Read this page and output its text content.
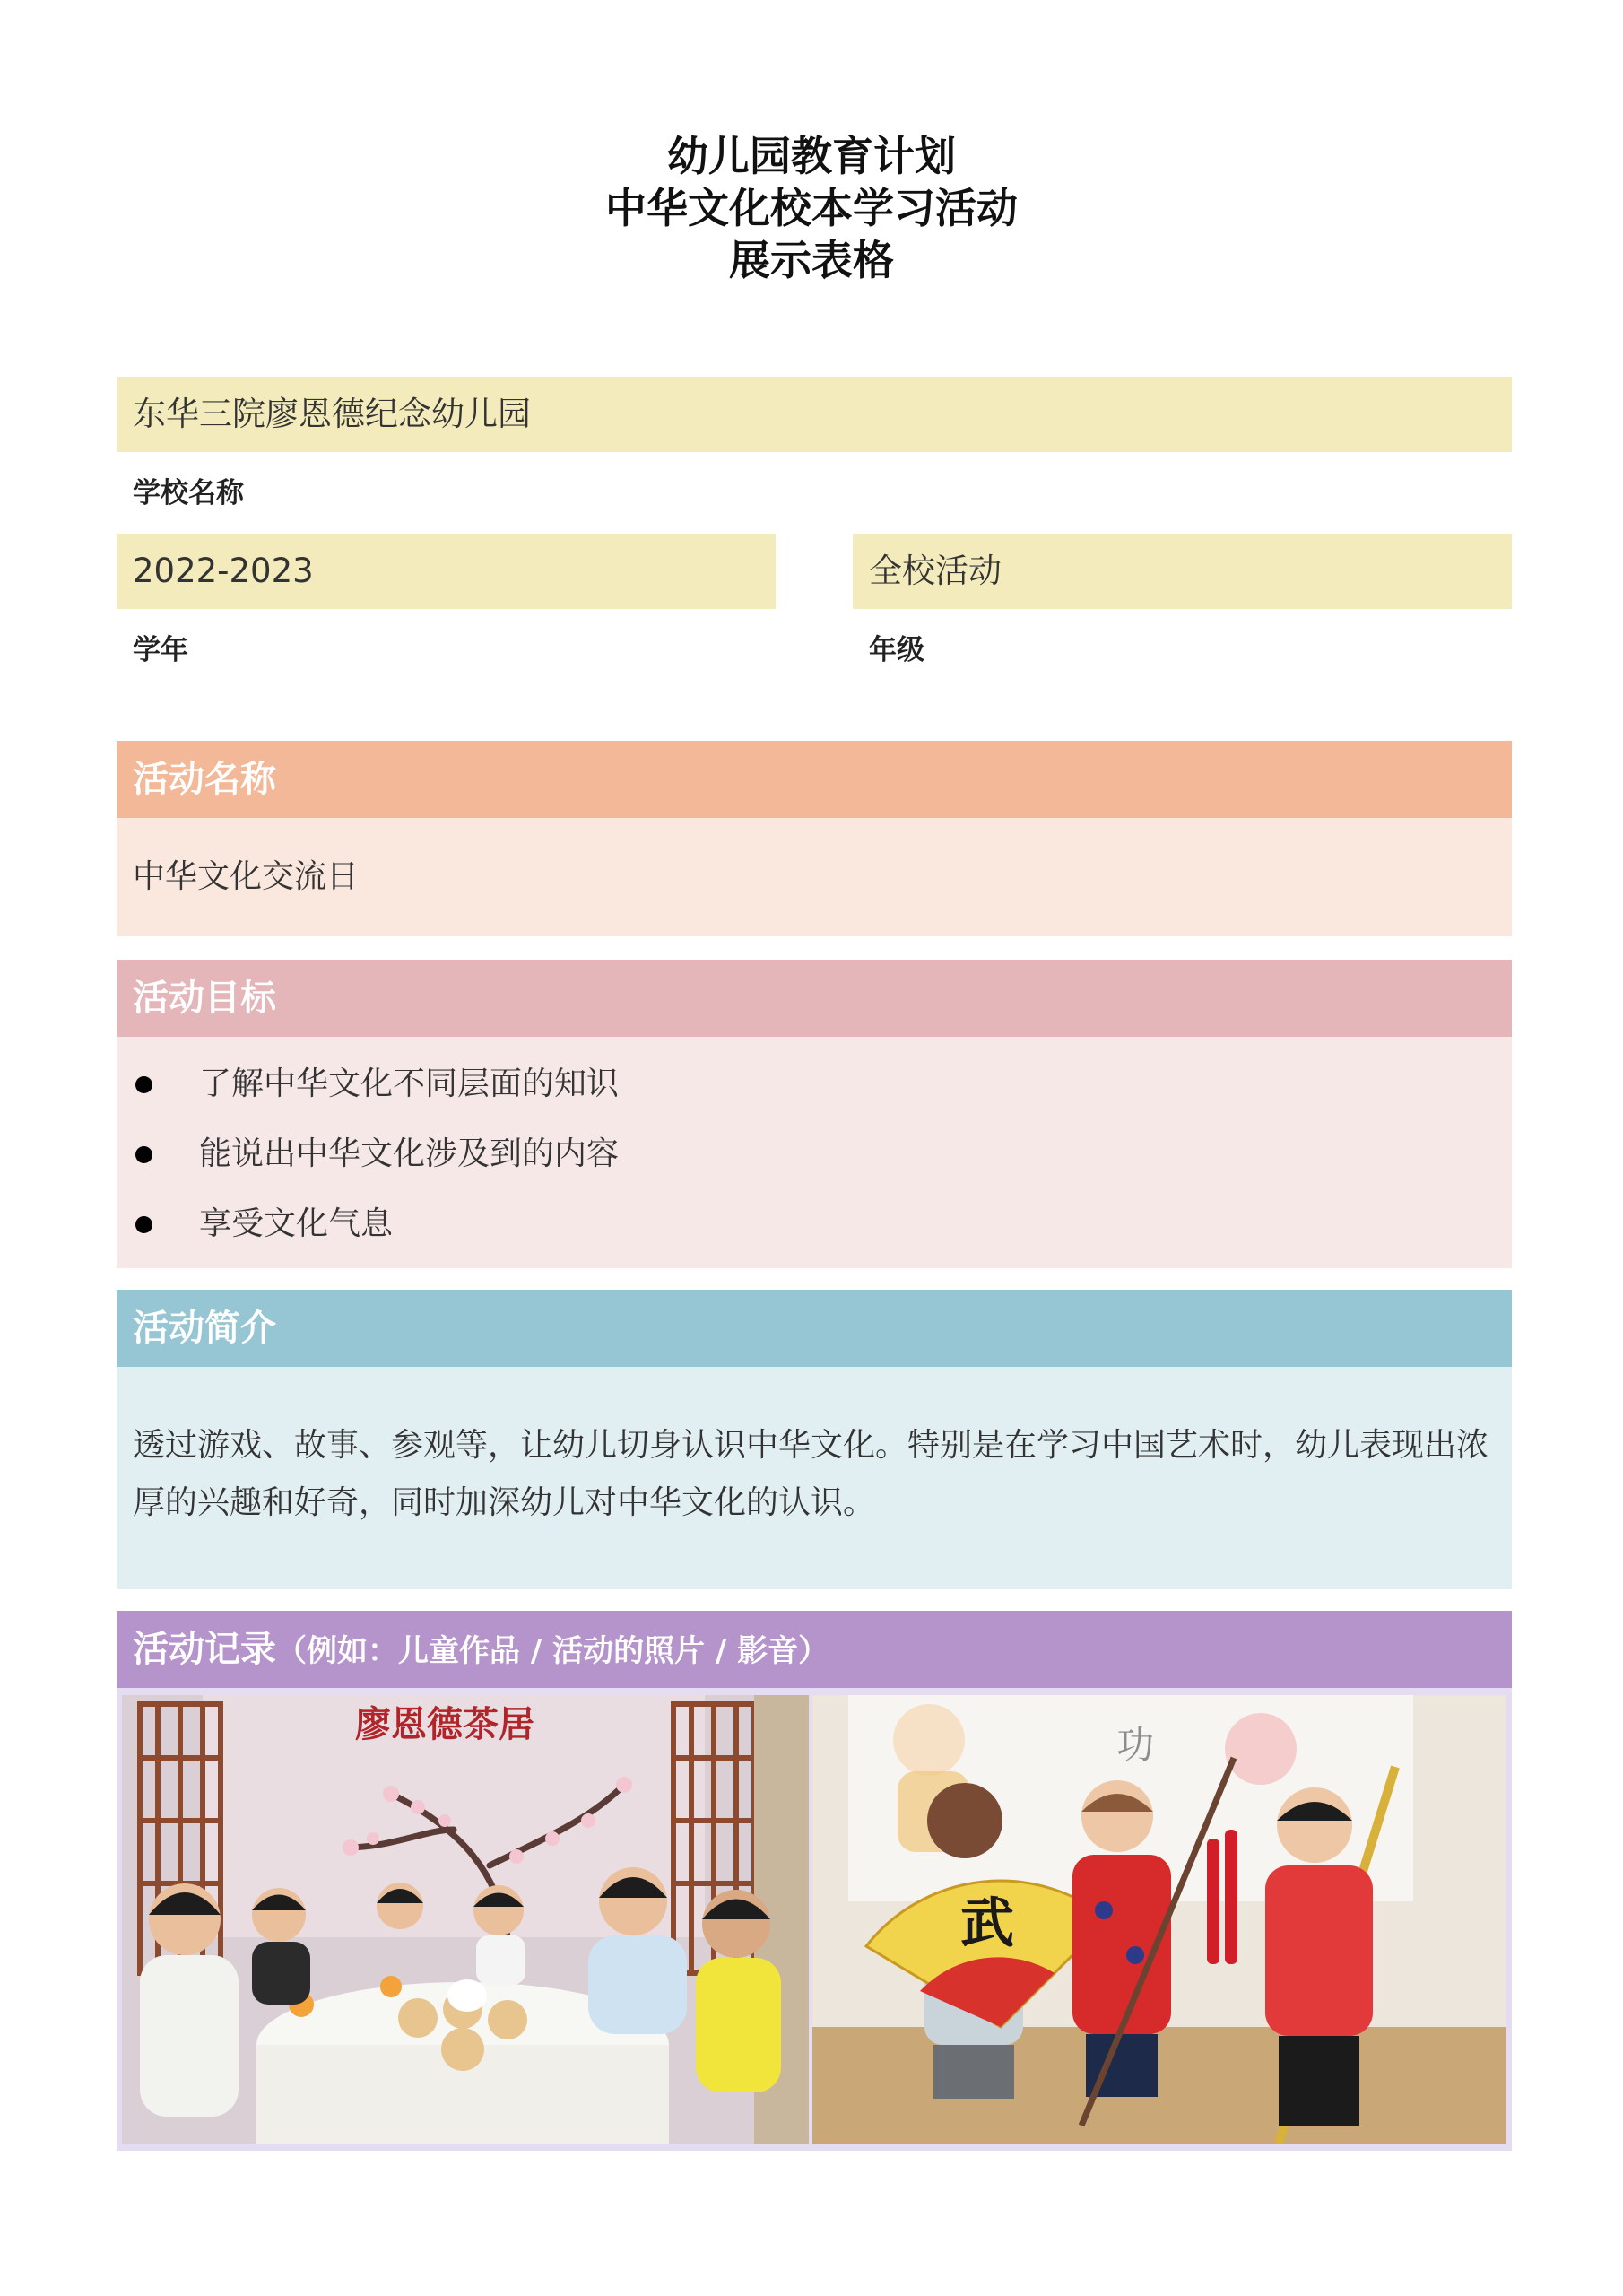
幼儿园教育计划
中华文化校本学习活动
展示表格
东华三院廖恩德纪念幼儿园
学校名称
2022-2023
学年
全校活动
年级
活动名称
中华文化交流日
活动目标
了解中华文化不同层面的知识
能说出中华文化涉及到的内容
享受文化气息
活动简介
透过游戏、故事、参观等，让幼儿切身认识中华文化。特别是在学习中国艺术时，幼儿表现出浓厚的兴趣和好奇，同时加深幼儿对中华文化的认识。
活动记录（例如：儿童作品 / 活动的照片 / 影音）
廖恩德茶居	功
武
